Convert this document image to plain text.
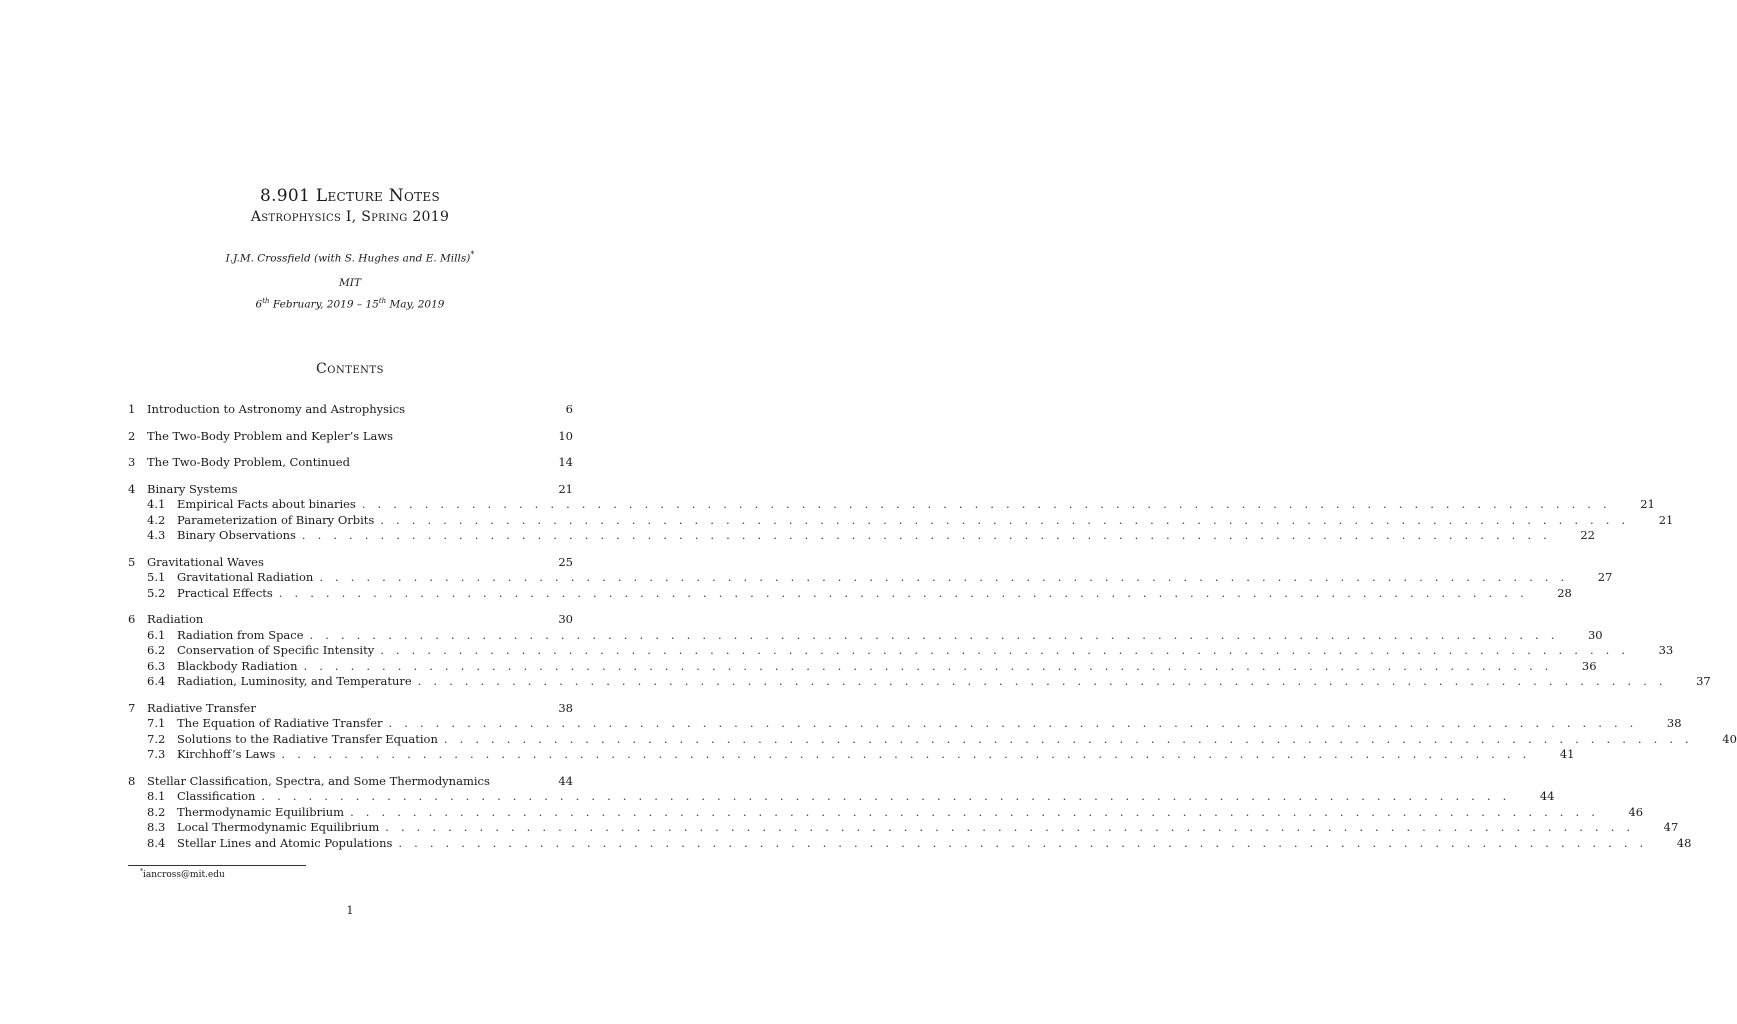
8.901 Lecture Notes
Astrophysics I, Spring 2019
I.J.M. Crossfield (with S. Hughes and E. Mills)*
MIT
6th February, 2019 – 15th May, 2019
Contents
1	Introduction to Astronomy and Astrophysics	6
2	The Two-Body Problem and Kepler’s Laws	10
3	The Two-Body Problem, Continued	14
4	Binary Systems	21
4.1	Empirical Facts about binaries . . . . . . . . . . . . . . . . . . . . . . . . . . . . . . . . . . . . . . . . . . . . . . . . . . . . . . . . . . . . . . . . . . . . . . . . . . . . . . . .	21
4.2	Parameterization of Binary Orbits . . . . . . . . . . . . . . . . . . . . . . . . . . . . . . . . . . . . . . . . . . . . . . . . . . . . . . . . . . . . . . . . . . . . . . . . . . . . . . . .	21
4.3	Binary Observations . . . . . . . . . . . . . . . . . . . . . . . . . . . . . . . . . . . . . . . . . . . . . . . . . . . . . . . . . . . . . . . . . . . . . . . . . . . . . . . .	22
5	Gravitational Waves	25
5.1	Gravitational Radiation . . . . . . . . . . . . . . . . . . . . . . . . . . . . . . . . . . . . . . . . . . . . . . . . . . . . . . . . . . . . . . . . . . . . . . . . . . . . . . . .	27
5.2	Practical Effects . . . . . . . . . . . . . . . . . . . . . . . . . . . . . . . . . . . . . . . . . . . . . . . . . . . . . . . . . . . . . . . . . . . . . . . . . . . . . . . .	28
6	Radiation	30
6.1	Radiation from Space . . . . . . . . . . . . . . . . . . . . . . . . . . . . . . . . . . . . . . . . . . . . . . . . . . . . . . . . . . . . . . . . . . . . . . . . . . . . . . . .	30
6.2	Conservation of Specific Intensity . . . . . . . . . . . . . . . . . . . . . . . . . . . . . . . . . . . . . . . . . . . . . . . . . . . . . . . . . . . . . . . . . . . . . . . . . . . . . . . .	33
6.3	Blackbody Radiation . . . . . . . . . . . . . . . . . . . . . . . . . . . . . . . . . . . . . . . . . . . . . . . . . . . . . . . . . . . . . . . . . . . . . . . . . . . . . . . .	36
6.4	Radiation, Luminosity, and Temperature . . . . . . . . . . . . . . . . . . . . . . . . . . . . . . . . . . . . . . . . . . . . . . . . . . . . . . . . . . . . . . . . . . . . . . . . . . . . . . . .	37
7	Radiative Transfer	38
7.1	The Equation of Radiative Transfer . . . . . . . . . . . . . . . . . . . . . . . . . . . . . . . . . . . . . . . . . . . . . . . . . . . . . . . . . . . . . . . . . . . . . . . . . . . . . . . .	38
7.2	Solutions to the Radiative Transfer Equation . . . . . . . . . . . . . . . . . . . . . . . . . . . . . . . . . . . . . . . . . . . . . . . . . . . . . . . . . . . . . . . . . . . . . . . . . . . . . . . .	40
7.3	Kirchhoff’s Laws . . . . . . . . . . . . . . . . . . . . . . . . . . . . . . . . . . . . . . . . . . . . . . . . . . . . . . . . . . . . . . . . . . . . . . . . . . . . . . . .	41
8	Stellar Classification, Spectra, and Some Thermodynamics	44
8.1	Classification . . . . . . . . . . . . . . . . . . . . . . . . . . . . . . . . . . . . . . . . . . . . . . . . . . . . . . . . . . . . . . . . . . . . . . . . . . . . . . . .	44
8.2	Thermodynamic Equilibrium . . . . . . . . . . . . . . . . . . . . . . . . . . . . . . . . . . . . . . . . . . . . . . . . . . . . . . . . . . . . . . . . . . . . . . . . . . . . . . . .	46
8.3	Local Thermodynamic Equilibrium . . . . . . . . . . . . . . . . . . . . . . . . . . . . . . . . . . . . . . . . . . . . . . . . . . . . . . . . . . . . . . . . . . . . . . . . . . . . . . . .	47
8.4	Stellar Lines and Atomic Populations . . . . . . . . . . . . . . . . . . . . . . . . . . . . . . . . . . . . . . . . . . . . . . . . . . . . . . . . . . . . . . . . . . . . . . . . . . . . . . . .	48
*iancross@mit.edu
1
